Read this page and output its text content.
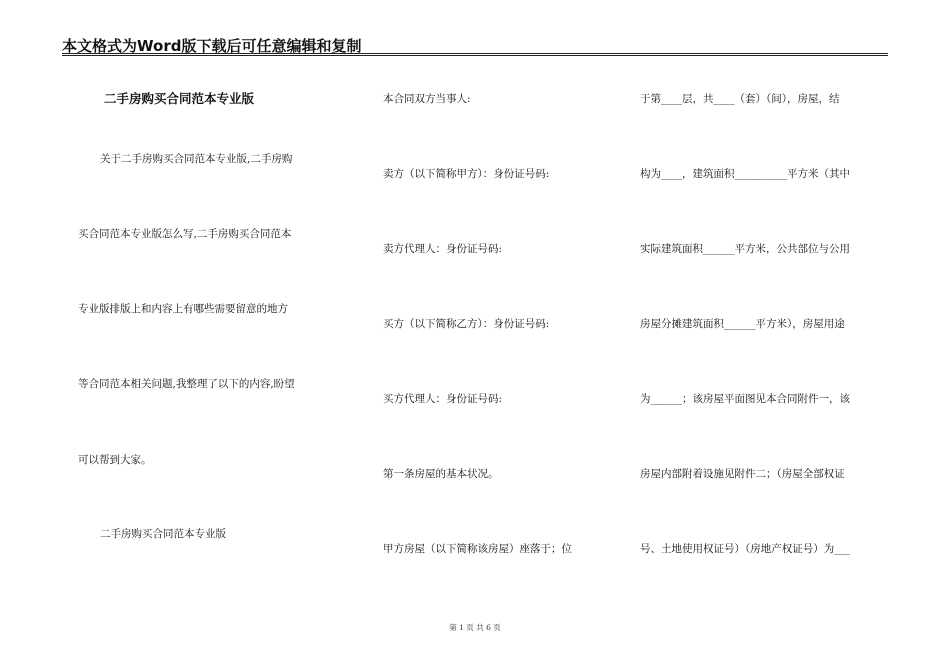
本文格式为Word版下载后可任意编辑和复制
二手房购买合同范本专业版
关于二手房购买合同范本专业版,二手房购
买合同范本专业版怎么写,二手房购买合同范本
专业版排版上和内容上有哪些需要留意的地方
等合同范本相关问题,我整理了以下的内容,盼望
可以帮到大家。
二手房购买合同范本专业版
本合同双方当事人:
卖方（以下简称甲方）：身份证号码:
卖方代理人：身份证号码:
买方（以下简称乙方）：身份证号码:
买方代理人：身份证号码:
第一条房屋的基本状况。
甲方房屋（以下简称该房屋）座落于；位
于第____层，共____（套）（间），房屋，结
构为____，建筑面积__________平方米（其中
实际建筑面积______平方米，公共部位与公用
房屋分摊建筑面积______平方米），房屋用途
为______；该房屋平面图见本合同附件一，该
房屋内部附着设施见附件二；（房屋全部权证
号、土地使用权证号）（房地产权证号）为___
第 1 页 共 6 页
